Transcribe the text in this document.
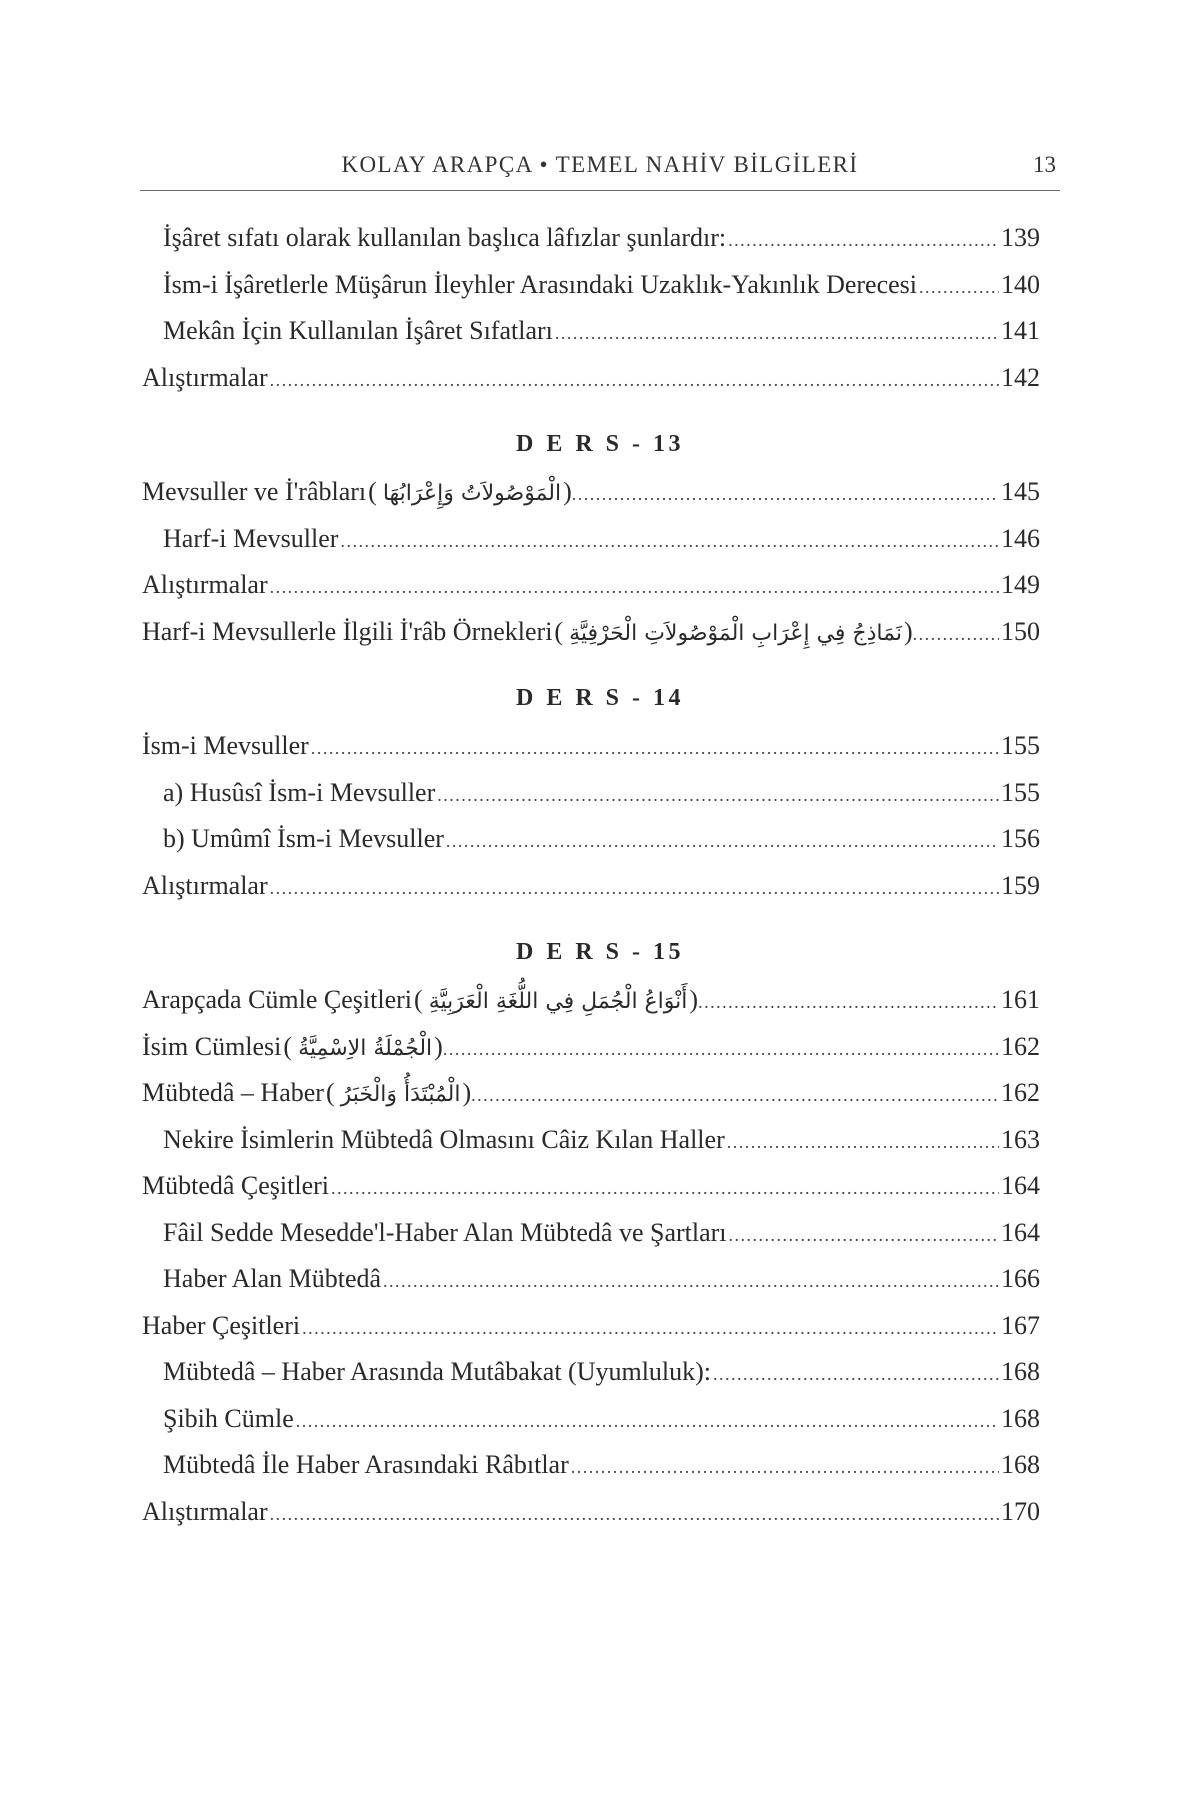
KOLAY ARAPÇA • TEMEL NAHİV BİLGİLERİ	13
İşâret sıfatı olarak kullanılan başlıca lâfızlar şunlardır: .....	139
İsm-i İşâretlerle Müşârun İleyhler Arasındaki Uzaklık-Yakınlık Derecesi .....	140
Mekân İçin Kullanılan İşâret Sıfatları .....	141
Alıştırmalar .....	142
D E R S - 13
Mevsuller ve İ'râbları ( الْمَوْصُولاَتُ وَإِعْرَابُهَا ) .....	145
Harf-i Mevsuller .....	146
Alıştırmalar .....	149
Harf-i Mevsullerle İlgili İ'râb Örnekleri ( نَمَاذِجُ فِي إِعْرَابِ الْمَوْصُولاَتِ الْحَرْفِيَّةِ ) .....	150
D E R S - 14
İsm-i Mevsuller .....	155
a) Husûsî İsm-i Mevsuller .....	155
b) Umûmî İsm-i Mevsuller .....	156
Alıştırmalar .....	159
D E R S - 15
Arapçada Cümle Çeşitleri ( أَنْوَاعُ الْجُمَلِ فِي اللُّغَةِ الْعَرَبِيَّةِ ) .....	161
İsim Cümlesi ( الْجُمْلَةُ الاِسْمِيَّةُ ) .....	162
Mübtedâ – Haber ( الْمُبْتَدَأُ وَالْخَبَرُ ) .....	162
Nekire İsimlerin Mübtedâ Olmasını Câiz Kılan Haller .....	163
Mübtedâ Çeşitleri .....	164
Fâil Sedde Mesedde'l-Haber Alan Mübtedâ ve Şartları .....	164
Haber Alan Mübtedâ .....	166
Haber Çeşitleri .....	167
Mübtedâ – Haber Arasında Mutâbakat (Uyumluluk): .....	168
Şibih Cümle .....	168
Mübtedâ İle Haber Arasındaki Râbıtlar .....	168
Alıştırmalar .....	170
